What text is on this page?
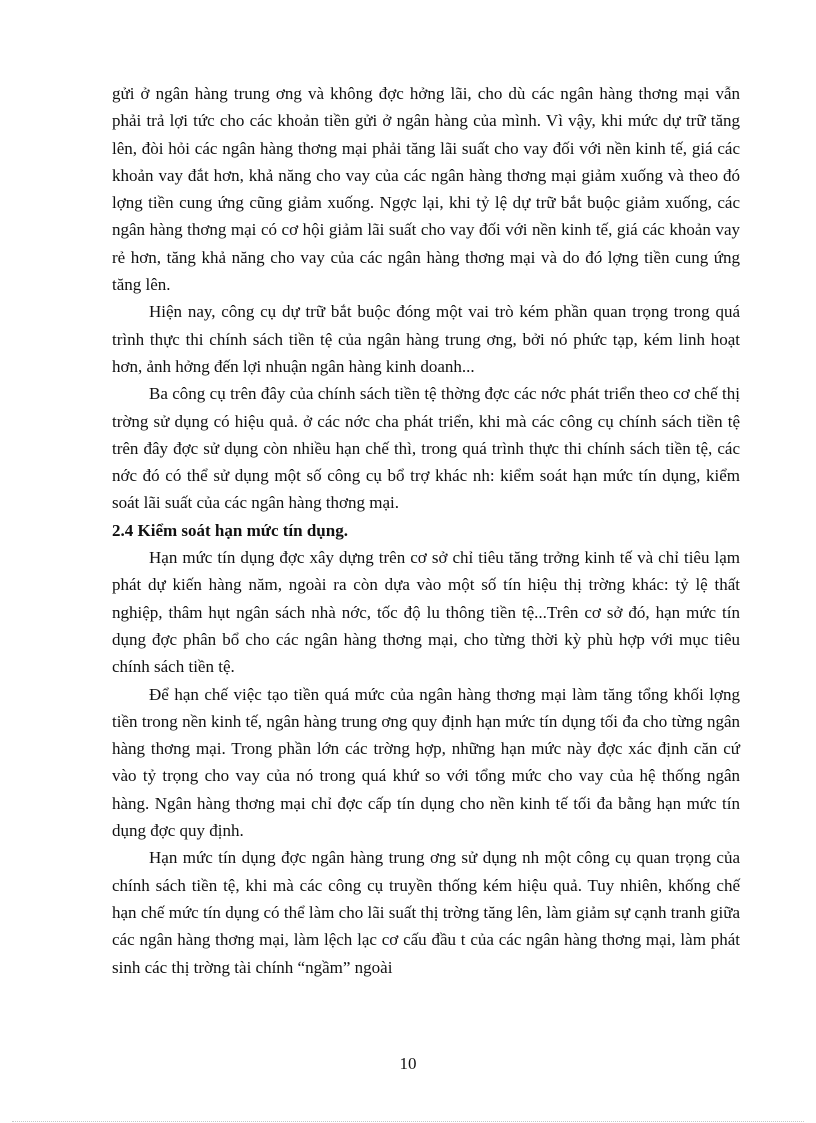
gửi ở ngân hàng trung ơng và không đợc hởng lãi, cho dù các ngân hàng thơng mại vẫn phải trả lợi tức cho các khoản tiền gửi ở ngân hàng của mình. Vì vậy, khi mức dự trữ tăng lên, đòi hỏi các ngân hàng thơng mại phải tăng lãi suất cho vay đối với nền kinh tế, giá các khoản vay đắt hơn, khả năng cho vay của các ngân hàng thơng mại giảm xuống và theo đó lợng tiền cung ứng cũng giảm xuống. Ngợc lại, khi tỷ lệ dự trữ bắt buộc giảm xuống, các ngân hàng thơng mại có cơ hội giảm lãi suất cho vay đối với nền kinh tế, giá các khoản vay rẻ hơn, tăng khả năng cho vay của các ngân hàng thơng mại và do đó lợng tiền cung ứng tăng lên.

Hiện nay, công cụ dự trữ bắt buộc đóng một vai trò kém phần quan trọng trong quá trình thực thi chính sách tiền tệ của ngân hàng trung ơng, bởi nó phức tạp, kém linh hoạt hơn, ảnh hởng đến lợi nhuận ngân hàng kinh doanh...

Ba công cụ trên đây của chính sách tiền tệ thờng đợc các nớc phát triển theo cơ chế thị trờng sử dụng có hiệu quả. ở các nớc cha phát triển, khi mà các công cụ chính sách tiền tệ trên đây đợc sử dụng còn nhiều hạn chế thì, trong quá trình thực thi chính sách tiền tệ, các nớc đó có thể sử dụng một số công cụ bổ trợ khác nh: kiểm soát hạn mức tín dụng, kiểm soát lãi suất của các ngân hàng thơng mại.

2.4 Kiểm soát hạn mức tín dụng.

Hạn mức tín dụng đợc xây dựng trên cơ sở chỉ tiêu tăng trởng kinh tế và chỉ tiêu lạm phát dự kiến hàng năm, ngoài ra còn dựa vào một số tín hiệu thị trờng khác: tỷ lệ thất nghiệp, thâm hụt ngân sách nhà nớc, tốc độ lu thông tiền tệ...Trên cơ sở đó, hạn mức tín dụng đợc phân bổ cho các ngân hàng thơng mại, cho từng thời kỳ phù hợp với mục tiêu chính sách tiền tệ.

Để hạn chế việc tạo tiền quá mức của ngân hàng thơng mại làm tăng tổng khối lợng tiền trong nền kinh tế, ngân hàng trung ơng quy định hạn mức tín dụng tối đa cho từng ngân hàng thơng mại. Trong phần lớn các trờng hợp, những hạn mức này đợc xác định căn cứ vào tỷ trọng cho vay của nó trong quá khứ so với tổng mức cho vay của hệ thống ngân hàng. Ngân hàng thơng mại chỉ đợc cấp tín dụng cho nền kinh tế tối đa bằng hạn mức tín dụng đợc quy định.

Hạn mức tín dụng đợc ngân hàng trung ơng sử dụng nh một công cụ quan trọng của chính sách tiền tệ, khi mà các công cụ truyền thống kém hiệu quả. Tuy nhiên, khống chế hạn chế mức tín dụng có thể làm cho lãi suất thị trờng tăng lên, làm giảm sự cạnh tranh giữa các ngân hàng thơng mại, làm lệch lạc cơ cấu đầu t của các ngân hàng thơng mại, làm phát sinh các thị trờng tài chính “ngầm” ngoài

10
